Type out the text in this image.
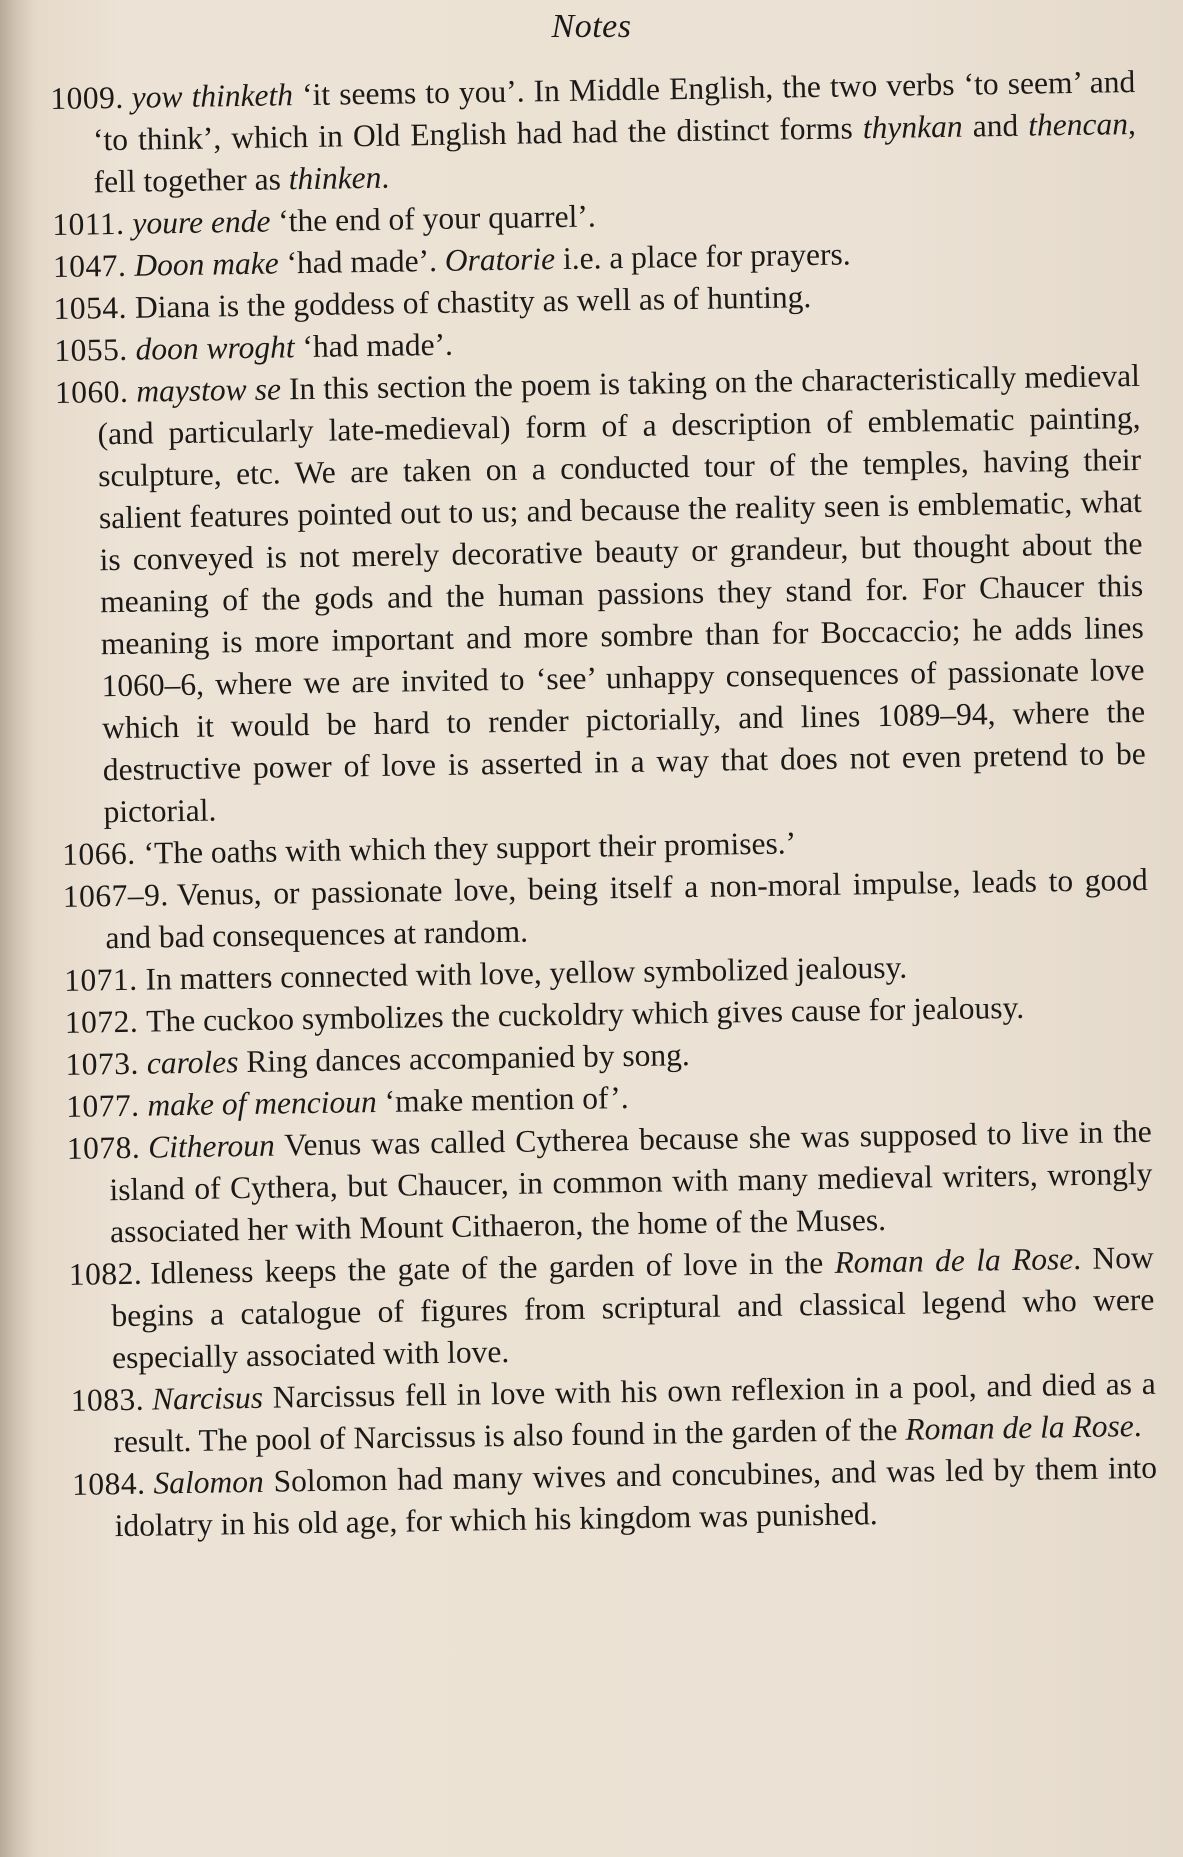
Notes

1009. yow thinketh ‘it seems to you’. In Middle English, the two verbs ‘to seem’ and ‘to think’, which in Old English had had the distinct forms thynkan and thencan, fell together as thinken.

1011. youre ende ‘the end of your quarrel’.

1047. Doon make ‘had made’. Oratorie i.e. a place for prayers.

1054. Diana is the goddess of chastity as well as of hunting.

1055. doon wroght ‘had made’.

1060. maystow se In this section the poem is taking on the characteristically medieval (and particularly late-medieval) form of a description of emblematic painting, sculpture, etc. We are taken on a conducted tour of the temples, having their salient features pointed out to us; and because the reality seen is emblematic, what is conveyed is not merely decorative beauty or grandeur, but thought about the meaning of the gods and the human passions they stand for. For Chaucer this meaning is more important and more sombre than for Boccaccio; he adds lines 1060–6, where we are invited to ‘see’ unhappy consequences of passionate love which it would be hard to render pictorially, and lines 1089–94, where the destructive power of love is asserted in a way that does not even pretend to be pictorial.

1066. ‘The oaths with which they support their promises.’

1067–9. Venus, or passionate love, being itself a non-moral impulse, leads to good and bad consequences at random.

1071. In matters connected with love, yellow symbolized jealousy.

1072. The cuckoo symbolizes the cuckoldry which gives cause for jealousy.

1073. caroles Ring dances accompanied by song.

1077. make of mencioun ‘make mention of’.

1078. Citheroun Venus was called Cytherea because she was supposed to live in the island of Cythera, but Chaucer, in common with many medieval writers, wrongly associated her with Mount Cithaeron, the home of the Muses.

1082. Idleness keeps the gate of the garden of love in the Roman de la Rose. Now begins a catalogue of figures from scriptural and classical legend who were especially associated with love.

1083. Narcisus Narcissus fell in love with his own reflexion in a pool, and died as a result. The pool of Narcissus is also found in the garden of the Roman de la Rose.

1084. Salomon Solomon had many wives and concubines, and was led by them into idolatry in his old age, for which his kingdom was punished.
